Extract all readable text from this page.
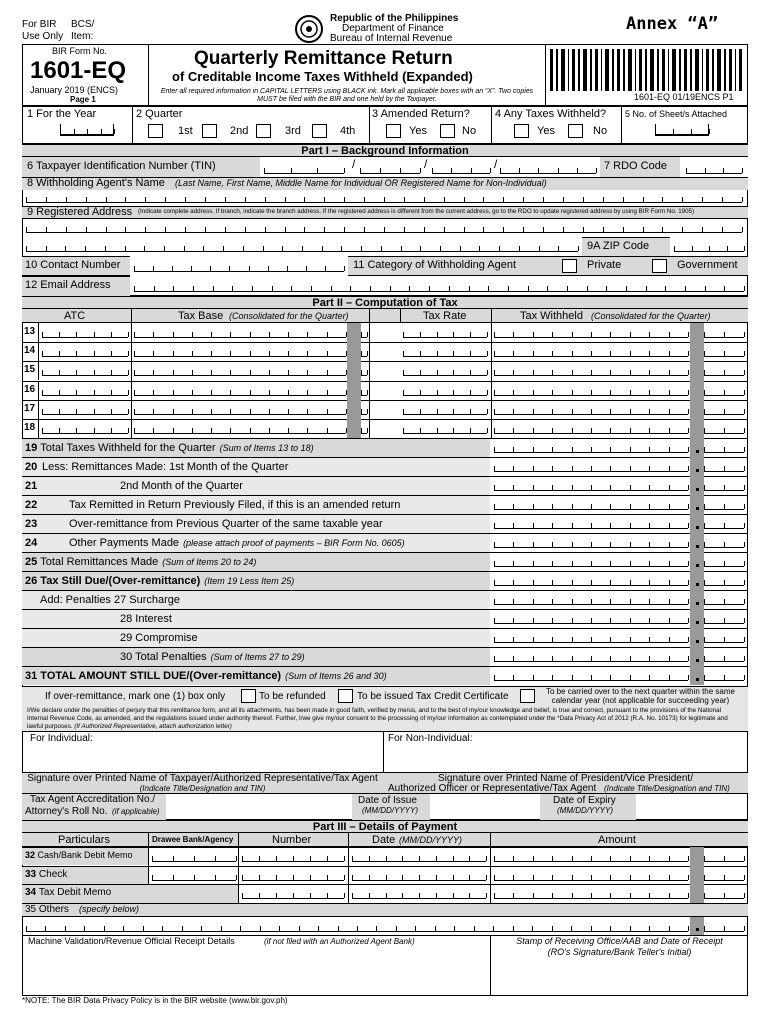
For BIR
Use Only
BCS/
Item:
Republic of the Philippines
Department of Finance
Bureau of Internal Revenue
Annex “A”
BIR Form No.
1601-EQ
January 2019 (ENCS)
Page 1
Quarterly Remittance Return
of Creditable Income Taxes Withheld (Expanded)
Enter all required information in CAPITAL LETTERS using BLACK ink. Mark all applicable boxes with an “X”. Two copies MUST be filed with the BIR and one held by the Taxpayer.	1601-EQ 01/19ENCS P1
1 For the Year	2 Quarter
1st	2nd	3rd	4th
3 Amended Return?
Yes	No
4 Any Taxes Withheld?
Yes	No
5 No. of Sheet/s Attached
Part I – Background Information
6 Taxpayer Identification Number (TIN)	/	/	/	7 RDO Code
8 Withholding Agent's Name (Last Name, First Name, Middle Name for Individual OR Registered Name for Non-Individual)
9 Registered Address (Indicate complete address. If branch, indicate the branch address. If the registered address is different from the current address, go to the RDO to update registered address by using BIR Form No. 1905)
9A ZIP Code
10 Contact Number	11 Category of Withholding Agent	Private	Government
12 Email Address
Part II – Computation of Tax
ATC	Tax Base (Consolidated for the Quarter)	Tax Rate	Tax Withheld (Consolidated for the Quarter)
13
14
15
16
17
18
19 Total Taxes Withheld for the Quarter (Sum of Items 13 to 18)
20 Less: Remittances Made: 1st Month of the Quarter
21	2nd Month of the Quarter
22	Tax Remitted in Return Previously Filed, if this is an amended return
23	Over-remittance from Previous Quarter of the same taxable year
24	Other Payments Made (please attach proof of payments – BIR Form No. 0605)
25 Total Remittances Made (Sum of Items 20 to 24)
26 Tax Still Due/(Over-remittance) (Item 19 Less Item 25)
Add: Penalties 27 Surcharge
28 Interest
29 Compromise
30 Total Penalties (Sum of Items 27 to 29)
31 TOTAL AMOUNT STILL DUE/(Over-remittance) (Sum of Items 26 and 30)
If over-remittance, mark one (1) box only	To be refunded	To be issued Tax Credit Certificate	To be carried over to the next quarter within the same calendar year (not applicable for succeeding year)
I/We declare under the penalties of perjury that this remittance form, and all its attachments, has been made in good faith, verified by me/us, and to the best of my/our knowledge and belief, is true and correct, pursuant to the provisions of the National Internal Revenue Code, as amended, and the regulations issued under authority thereof. Further, I/we give my/our consent to the processing of my/our information as contemplated under the *Data Privacy Act of 2012 (R.A. No. 10173) for legitimate and lawful purposes. (If Authorized Representative, attach authorization letter)
For Individual:	For Non-Individual:
Signature over Printed Name of Taxpayer/Authorized Representative/Tax Agent
(Indicate Title/Designation and TIN)
Signature over Printed Name of President/Vice President/
Authorized Officer or Representative/Tax Agent (Indicate Title/Designation and TIN)
Tax Agent Accreditation No./
Attorney's Roll No. (if applicable)
Date of Issue
(MM/DD/YYYY)
Date of Expiry
(MM/DD/YYYY)
Part III – Details of Payment
Particulars	Drawee Bank/Agency	Number	Date (MM/DD/YYYY)	Amount
32 Cash/Bank Debit Memo
33 Check
34 Tax Debit Memo
35 Others (specify below)
Machine Validation/Revenue Official Receipt Details	(if not filed with an Authorized Agent Bank)	Stamp of Receiving Office/AAB and Date of Receipt
(RO's Signature/Bank Teller's Initial)
*NOTE: The BIR Data Privacy Policy is in the BIR website (www.bir.gov.ph)
